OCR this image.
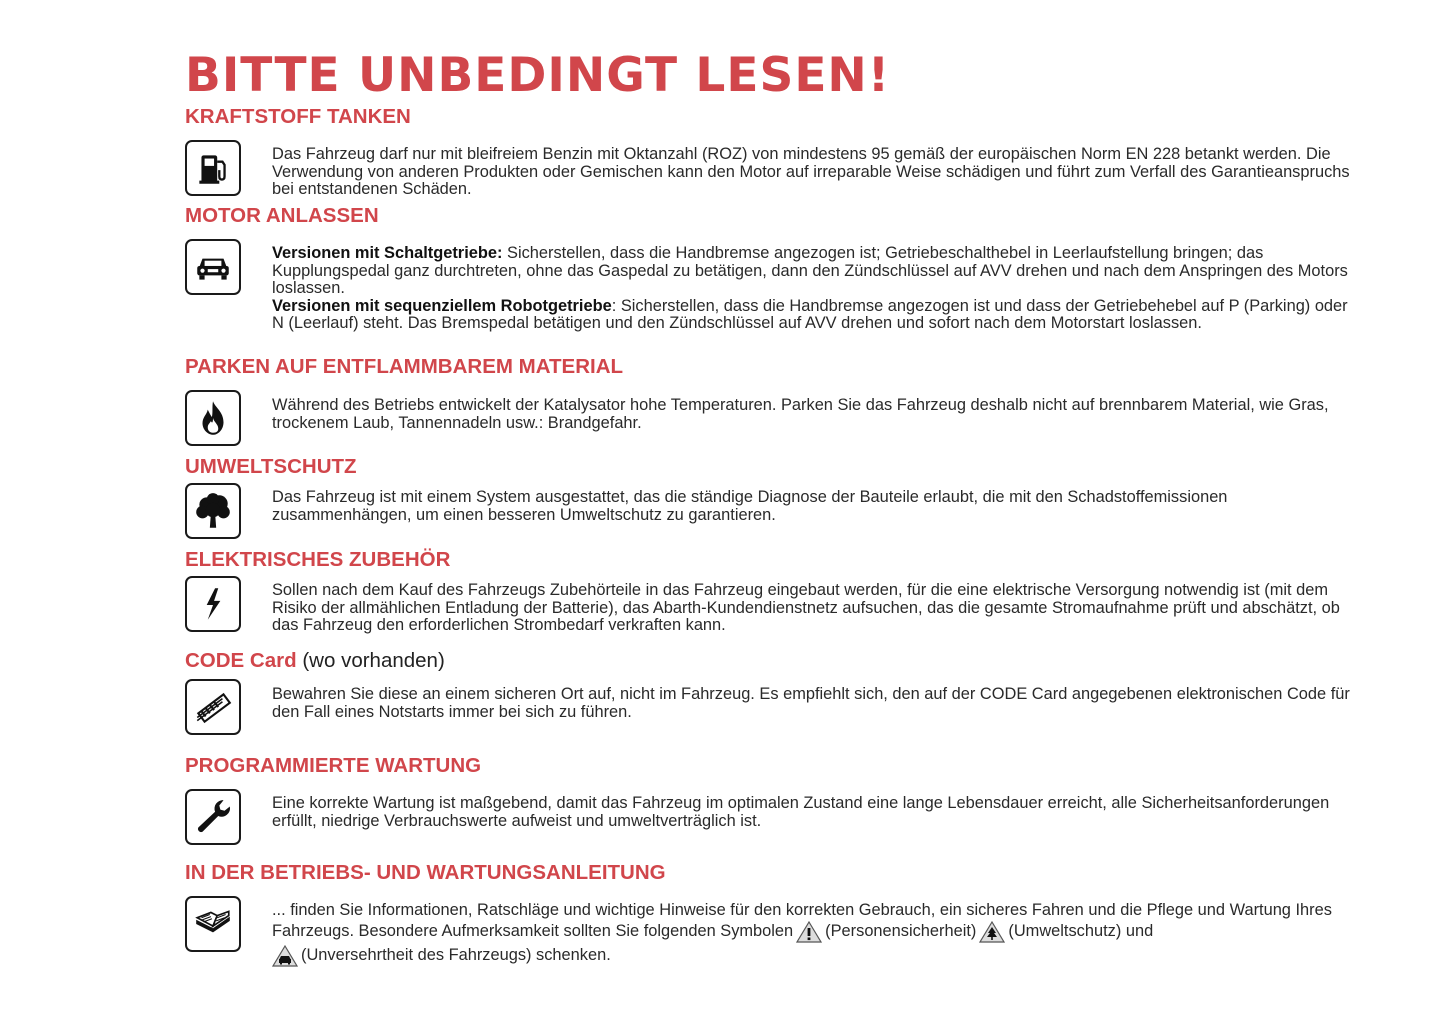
BITTE UNBEDINGT LESEN!
KRAFTSTOFF TANKEN

Das Fahrzeug darf nur mit bleifreiem Benzin mit Oktanzahl (ROZ) von mindestens 95 gemäß der europäischen Norm EN 228 betankt werden. Die Verwendung von anderen Produkten oder Gemischen kann den Motor auf irreparable Weise schädigen und führt zum Verfall des Garantieanspruchs bei entstandenen Schäden.

MOTOR ANLASSEN

Versionen mit Schaltgetriebe: Sicherstellen, dass die Handbremse angezogen ist; Getriebeschalthebel in Leerlaufstellung bringen; das Kupplungspedal ganz durchtreten, ohne das Gaspedal zu betätigen, dann den Zündschlüssel auf AVV drehen und nach dem Anspringen des Motors loslassen.
Versionen mit sequenziellem Robotgetriebe: Sicherstellen, dass die Handbremse angezogen ist und dass der Getriebehebel auf P (Parking) oder N (Leerlauf) steht. Das Bremspedal betätigen und den Zündschlüssel auf AVV drehen und sofort nach dem Motorstart loslassen.

PARKEN AUF ENTFLAMMBAREM MATERIAL

Während des Betriebs entwickelt der Katalysator hohe Temperaturen. Parken Sie das Fahrzeug deshalb nicht auf brennbarem Material, wie Gras, trockenem Laub, Tannennadeln usw.: Brandgefahr.

UMWELTSCHUTZ

Das Fahrzeug ist mit einem System ausgestattet, das die ständige Diagnose der Bauteile erlaubt, die mit den Schadstoffemissionen zusammenhängen, um einen besseren Umweltschutz zu garantieren.

ELEKTRISCHES ZUBEHÖR

Sollen nach dem Kauf des Fahrzeugs Zubehörteile in das Fahrzeug eingebaut werden, für die eine elektrische Versorgung notwendig ist (mit dem Risiko der allmählichen Entladung der Batterie), das Abarth-Kundendienstnetz aufsuchen, das die gesamte Stromaufnahme prüft und abschätzt, ob das Fahrzeug den erforderlichen Strombedarf verkraften kann.

CODE Card (wo vorhanden)

Bewahren Sie diese an einem sicheren Ort auf, nicht im Fahrzeug. Es empfiehlt sich, den auf der CODE Card angegebenen elektronischen Code für den Fall eines Notstarts immer bei sich zu führen.

PROGRAMMIERTE WARTUNG

Eine korrekte Wartung ist maßgebend, damit das Fahrzeug im optimalen Zustand eine lange Lebensdauer erreicht, alle Sicherheitsanforderungen erfüllt, niedrige Verbrauchswerte aufweist und umweltverträglich ist.

IN DER BETRIEBS- UND WARTUNGSANLEITUNG

... finden Sie Informationen, Ratschläge und wichtige Hinweise für den korrekten Gebrauch, ein sicheres Fahren und die Pflege und Wartung Ihres Fahrzeugs. Besondere Aufmerksamkeit sollten Sie folgenden Symbolen (Personensicherheit) (Umweltschutz) und
(Unversehrtheit des Fahrzeugs) schenken.
